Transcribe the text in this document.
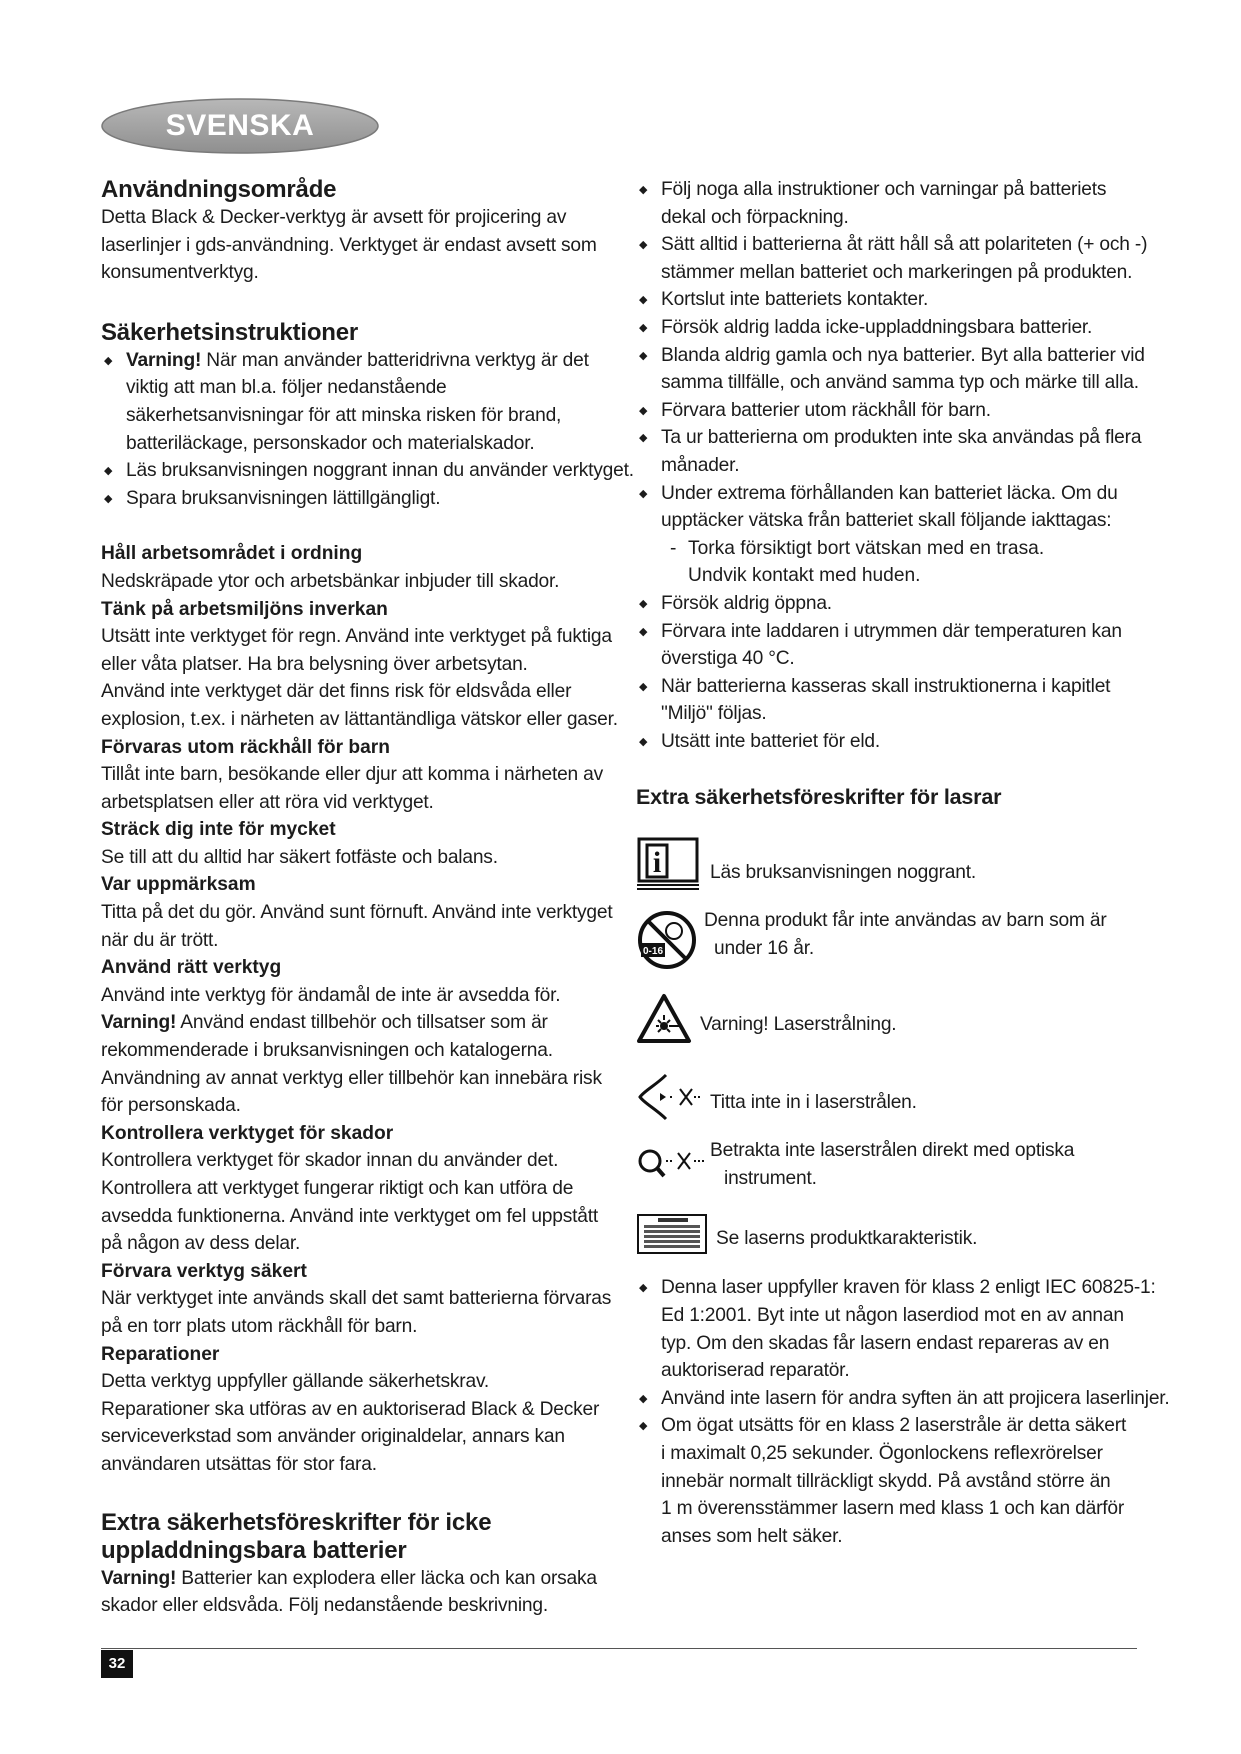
SVENSKA
Användningsområde

Detta Black & Decker-verktyg är avsett för projicering av

laserlinjer i gds-användning. Verktyget är endast avsett som

konsumentverktyg.

Säkerhetsinstruktioner
◆ Varning! När man använder batteridrivna verktyg är det
viktig att man bl.a. följer nedanstående
säkerhetsanvisningar för att minska risken för brand,
batteriläckage, personskador och materialskador.
◆ Läs bruksanvisningen noggrant innan du använder verktyget.
◆ Spara bruksanvisningen lättillgängligt.
Håll arbetsområdet i ordning

Nedskräpade ytor och arbetsbänkar inbjuder till skador.

Tänk på arbetsmiljöns inverkan

Utsätt inte verktyget för regn. Använd inte verktyget på fuktiga

eller våta platser. Ha bra belysning över arbetsytan.

Använd inte verktyget där det finns risk för eldsvåda eller

explosion, t.ex. i närheten av lättantändliga vätskor eller gaser.

Förvaras utom räckhåll för barn

Tillåt inte barn, besökande eller djur att komma i närheten av

arbetsplatsen eller att röra vid verktyget.

Sträck dig inte för mycket

Se till att du alltid har säkert fotfäste och balans.

Var uppmärksam

Titta på det du gör. Använd sunt förnuft. Använd inte verktyget

när du är trött.

Använd rätt verktyg

Använd inte verktyg för ändamål de inte är avsedda för.

Varning! Använd endast tillbehör och tillsatser som är

rekommenderade i bruksanvisningen och katalogerna.

Användning av annat verktyg eller tillbehör kan innebära risk

för personskada.

Kontrollera verktyget för skador

Kontrollera verktyget för skador innan du använder det.

Kontrollera att verktyget fungerar riktigt och kan utföra de

avsedda funktionerna. Använd inte verktyget om fel uppstått

på någon av dess delar.

Förvara verktyg säkert

När verktyget inte används skall det samt batterierna förvaras

på en torr plats utom räckhåll för barn.

Reparationer

Detta verktyg uppfyller gällande säkerhetskrav.

Reparationer ska utföras av en auktoriserad Black & Decker

serviceverkstad som använder originaldelar, annars kan

användaren utsättas för stor fara.

Extra säkerhetsföreskrifter för icke
uppladdningsbara batterier

Varning! Batterier kan explodera eller läcka och kan orsaka

skador eller eldsvåda. Följ nedanstående beskrivning.

◆ Följ noga alla instruktioner och varningar på batteriets
dekal och förpackning.
◆ Sätt alltid i batterierna åt rätt håll så att polariteten (+ och -)
stämmer mellan batteriet och markeringen på produkten.
◆ Kortslut inte batteriets kontakter.
◆ Försök aldrig ladda icke-uppladdningsbara batterier.
◆ Blanda aldrig gamla och nya batterier. Byt alla batterier vid
samma tillfälle, och använd samma typ och märke till alla.
◆ Förvara batterier utom räckhåll för barn.
◆ Ta ur batterierna om produkten inte ska användas på flera
månader.
◆ Under extrema förhållanden kan batteriet läcka. Om du
upptäcker vätska från batteriet skall följande iakttagas:
- Torka försiktigt bort vätskan med en trasa.
Undvik kontakt med huden.
◆ Försök aldrig öppna.
◆ Förvara inte laddaren i utrymmen där temperaturen kan
överstiga 40 °C.
◆ När batterierna kasseras skall instruktionerna i kapitlet
"Miljö" följas.
◆ Utsätt inte batteriet för eld.
Extra säkerhetsföreskrifter för lasrar
i	Läs bruksanvisningen noggrant.
0-16
Denna produkt får inte användas av barn som är
under 16 år.
Varning! Laserstrålning.
Titta inte in i laserstrålen.
Betrakta inte laserstrålen direkt med optiska
instrument.
Se laserns produktkarakteristik.
◆ Denna laser uppfyller kraven för klass 2 enligt IEC 60825-1:
Ed 1:2001. Byt inte ut någon laserdiod mot en av annan
typ. Om den skadas får lasern endast repareras av en
auktoriserad reparatör.
◆ Använd inte lasern för andra syften än att projicera laserlinjer.
◆ Om ögat utsätts för en klass 2 laserstråle är detta säkert
i maximalt 0,25 sekunder. Ögonlockens reflexrörelser
innebär normalt tillräckligt skydd. På avstånd större än
1 m överensstämmer lasern med klass 1 och kan därför
anses som helt säker.
32
